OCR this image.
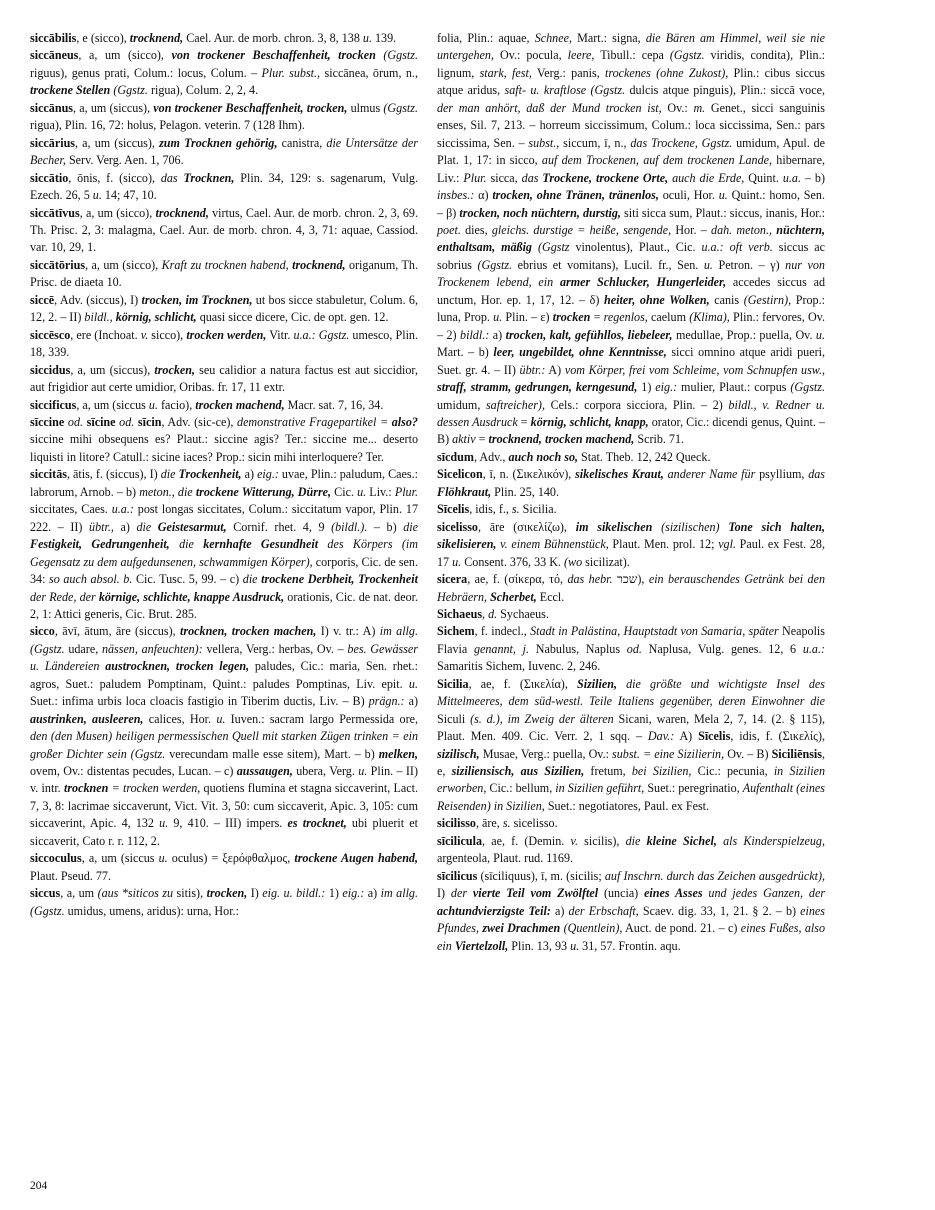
siccābilis, e (sicco), trocknend, Cael. Aur. de morb. chron. 3, 8, 138 u. 139.
siccāneus, a, um (sicco), von trockener Beschaffenheit, trocken (Ggstz. riguus), genus prati, Colum.: locus, Colum. – Plur. subst., siccānea, ōrum, n., trockene Stellen (Ggstz. rigua), Colum. 2, 2, 4.
siccānus, a, um (siccus), von trockener Beschaffenheit, trocken, ulmus (Ggstz. rigua), Plin. 16, 72: holus, Pelagon. veterin. 7 (128 Ihm).
siccārius, a, um (siccus), zum Trocknen gehörig, canistra, die Untersätze der Becher, Serv. Verg. Aen. 1, 706.
siccātio, ōnis, f. (sicco), das Trocknen, Plin. 34, 129: s. sagenarum, Vulg. Ezech. 26, 5 u. 14; 47, 10.
siccātīvus, a, um (sicco), trocknend, virtus, Cael. Aur. de morb. chron. 2, 3, 69. Th. Prisc. 2, 3: malagma, Cael. Aur. de morb. chron. 4, 3, 71: aquae, Cassiod. var. 10, 29, 1.
siccātōrius, a, um (sicco), Kraft zu trocknen habend, trocknend, origanum, Th. Prisc. de diaeta 10.
siccē, Adv. (siccus), I) trocken, im Trocknen, ut bos sicce stabuletur, Colum. 6, 12, 2. – II) bildl., körnig, schlicht, quasi sicce dicere, Cic. de opt. gen. 12.
siccēsco, ere (Inchoat. v. sicco), trocken werden, Vitr. u.a.: Ggstz. umesco, Plin. 18, 339.
siccidus, a, um (siccus), trocken, seu calidior a natura factus est aut siccidior, aut frigidior aut certe umidior, Oribas. fr. 17, 11 extr.
siccificus, a, um (siccus u. facio), trocken machend, Macr. sat. 7, 16, 34.
sīccine od. sīcine od. sīcin, Adv. (sic-ce), demonstrative Fragepartikel = also? siccine mihi obsequens es? Plaut.: siccine agis? Ter.: siccine me... deserto liquisti in litore? Catull.: sicine iaces? Prop.: sicin mihi interloquere? Ter.
siccitās, ātis, f. (siccus), I) die Trockenheit, a) eig.: uvae, Plin.: paludum, Caes.: labrorum, Arnob. – b) meton., die trockene Witterung, Dürre, Cic. u. Liv.: Plur. siccitates, Caes. u.a.: post longas siccitates, Colum.: siccitatum vapor, Plin. 17 222. – II) übtr., a) die Geistesarmut, Cornif. rhet. 4, 9 (bildl.). – b) die Festigkeit, Gedrungenheit, die kernhafte Gesundheit des Körpers (im Gegensatz zu dem aufgedunsenen, schwammigen Körper), corporis, Cic. de sen. 34: so auch absol. b. Cic. Tusc. 5, 99. – c) die trockene Derbheit, Trockenheit der Rede, der körnige, schlichte, knappe Ausdruck, orationis, Cic. de nat. deor. 2, 1: Attici generis, Cic. Brut. 285.
sicco, āvī, ātum, āre (siccus), trocknen, trocken machen, I) v. tr.: A) im allg. (Ggstz. udare, nässen, anfeuchten): vellera, Verg.: herbas, Ov. – bes. Gewässer u. Ländereien austrocknen, trocken legen, paludes, Cic.: maria, Sen. rhet.: agros, Suet.: paludem Pomptinam, Quint.: paludes Pomptinas, Liv. epit. u. Suet.: infima urbis loca cloacis fastigio in Tiberim ductis, Liv. – B) prägn.: a) austrinken, ausleeren, calices, Hor. u. Iuven.: sacram largo Permessida ore, den (den Musen) heiligen permessischen Quell mit starken Zügen trinken = ein großer Dichter sein (Ggstz. verecundam malle esse sitem), Mart. – b) melken, ovem, Ov.: distentas pecudes, Lucan. – c) aussaugen, ubera, Verg. u. Plin. – II) v. intr. trocknen = trocken werden, quotiens flumina et stagna siccaverint, Lact. 7, 3, 8: lacrimae siccaverunt, Vict. Vit. 3, 50: cum siccaverit, Apic. 3, 105: cum siccaverint, Apic. 4, 132 u. 9, 410. – III) impers. es trocknet, ubi pluerit et siccaverit, Cato r. r. 112, 2.
siccoculus, a, um (siccus u. oculus) = ξερόφθαλμος, trockene Augen habend, Plaut. Pseud. 77.
siccus, a, um (aus *siticos zu sitis), trocken, I) eig. u. bildl.: 1) eig.: a) im allg. (Ggstz. umidus, umens, aridus): urna, Hor.:
folia, Plin.: aquae, Schnee, Mart.: signa, die Bären am Himmel, weil sie nie untergehen, Ov.: pocula, leere, Tibull.: cepa (Ggstz. viridis, condita), Plin.: lignum, stark, fest, Verg.: panis, trockenes (ohne Zukost), Plin.: cibus siccus atque aridus, saft- u. kraftlose (Ggstz. dulcis atque pinguis), Plin.: siccā voce, der man anhört, daß der Mund trocken ist, Ov.: m. Genet., sicci sanguinis enses, Sil. 7, 213. – horreum siccissimum, Colum.: loca siccissima, Sen.: pars siccissima, Sen. – subst., siccum, ī, n., das Trockene, Ggstz. umidum, Apul. de Plat. 1, 17: in sicco, auf dem Trockenen, auf dem trockenen Lande, hibernare, Liv.: Plur. sicca, das Trockene, trockene Orte, auch die Erde, Quint. u.a. – b) insbes.: α) trocken, ohne Tränen, tränenlos, oculi, Hor. u. Quint.: homo, Sen. – β) trocken, noch nüchtern, durstig, siti sicca sum, Plaut.: siccus, inanis, Hor.: poet. dies, gleichs. durstige = heiße, sengende, Hor. – dah. meton., nüchtern, enthaltsam, mäßig (Ggstz vinolentus), Plaut., Cic. u.a.: oft verb. siccus ac sobrius (Ggstz. ebrius et vomitans), Lucil. fr., Sen. u. Petron. – γ) nur von Trockenem lebend, ein armer Schlucker, Hungerleider, accedes siccus ad unctum, Hor. ep. 1, 17, 12. – δ) heiter, ohne Wolken, canis (Gestirn), Prop.: luna, Prop. u. Plin. – ε) trocken = regenlos, caelum (Klima), Plin.: fervores, Ov. – 2) bildl.: a) trocken, kalt, gefühllos, liebeleer, medullae, Prop.: puella, Ov. u. Mart. – b) leer, ungebildet, ohne Kenntnisse, sicci omnino atque aridi pueri, Suet. gr. 4. – II) übtr.: A) vom Körper, frei vom Schleime, vom Schnupfen usw., straff, stramm, gedrungen, kerngesund, 1) eig.: mulier, Plaut.: corpus (Ggstz. umidum, saftreicher), Cels.: corpora sicciora, Plin. – 2) bildl., v. Redner u. dessen Ausdruck = körnig, schlicht, knapp, orator, Cic.: dicendi genus, Quint. – B) aktiv = trocknend, trocken machend, Scrib. 71.
sīcdum, Adv., auch noch so, Stat. Theb. 12, 242 Queck.
Sicelicon, ī, n. (Σικελικόν), sikelisches Kraut, anderer Name für psyllium, das Flöhkraut, Plin. 25, 140.
Sīcelis, idis, f., s. Sicilia.
sicelisso, āre (σικελίζω), im sikelischen (sizilischen) Tone sich halten, sikelisieren, v. einem Bühnenstück, Plaut. Men. prol. 12; vgl. Paul. ex Fest. 28, 17 u. Consent. 376, 33 K. (wo sicilizat).
sicera, ae, f. (σίκερα, τό, das hebr. שכר), ein berauschendes Getränk bei den Hebräern, Scherbet, Eccl.
Sichaeus, d. Sychaeus.
Sichem, f. indecl., Stadt in Palästina, Hauptstadt von Samaria, später Neapolis Flavia genannt, j. Nabulus, Naplus od. Naplusa, Vulg. genes. 12, 6 u.a.: Samaritis Sichem, Iuvenc. 2, 246.
Sicilia, ae, f. (Σικελία), Sizilien, die größte und wichtigste Insel des Mittelmeeres, dem süd-westl. Teile Italiens gegenüber, deren Einwohner die Siculi (s. d.), im Zweig der älteren Sicani, waren, Mela 2, 7, 14. (2. § 115), Plaut. Men. 409. Cic. Verr. 2, 1 sqq. – Dav.: A) Sīcelis, idis, f. (Σικελίς), sizilisch, Musae, Verg.: puella, Ov.: subst. = eine Sizilierin, Ov. – B) Siciliēnsis, e, siziliensisch, aus Sizilien, fretum, bei Sizilien, Cic.: pecunia, in Sizilien erworben, Cic.: bellum, in Sizilien geführt, Suet.: peregrinatio, Aufenthalt (eines Reisenden) in Sizilien, Suet.: negotiatores, Paul. ex Fest.
sicilisso, āre, s. sicelisso.
sīcilicula, ae, f. (Demin. v. sicilis), die kleine Sichel, als Kinderspielzeug, argenteola, Plaut. rud. 1169.
sīcilicus (sīciliquus), ī, m. (sicilis; auf Inschrn. durch das Zeichen ausgedrückt), I) der vierte Teil vom Zwölftel (uncia) eines Asses und jedes Ganzen, der achtundvierzigste Teil: a) der Erbschaft, Scaev. dig. 33, 1, 21. § 2. – b) eines Pfundes, zwei Drachmen (Quentlein), Auct. de pond. 21. – c) eines Fußes, also ein Viertelzoll, Plin. 13, 93 u. 31, 57. Frontin. aqu.
204
